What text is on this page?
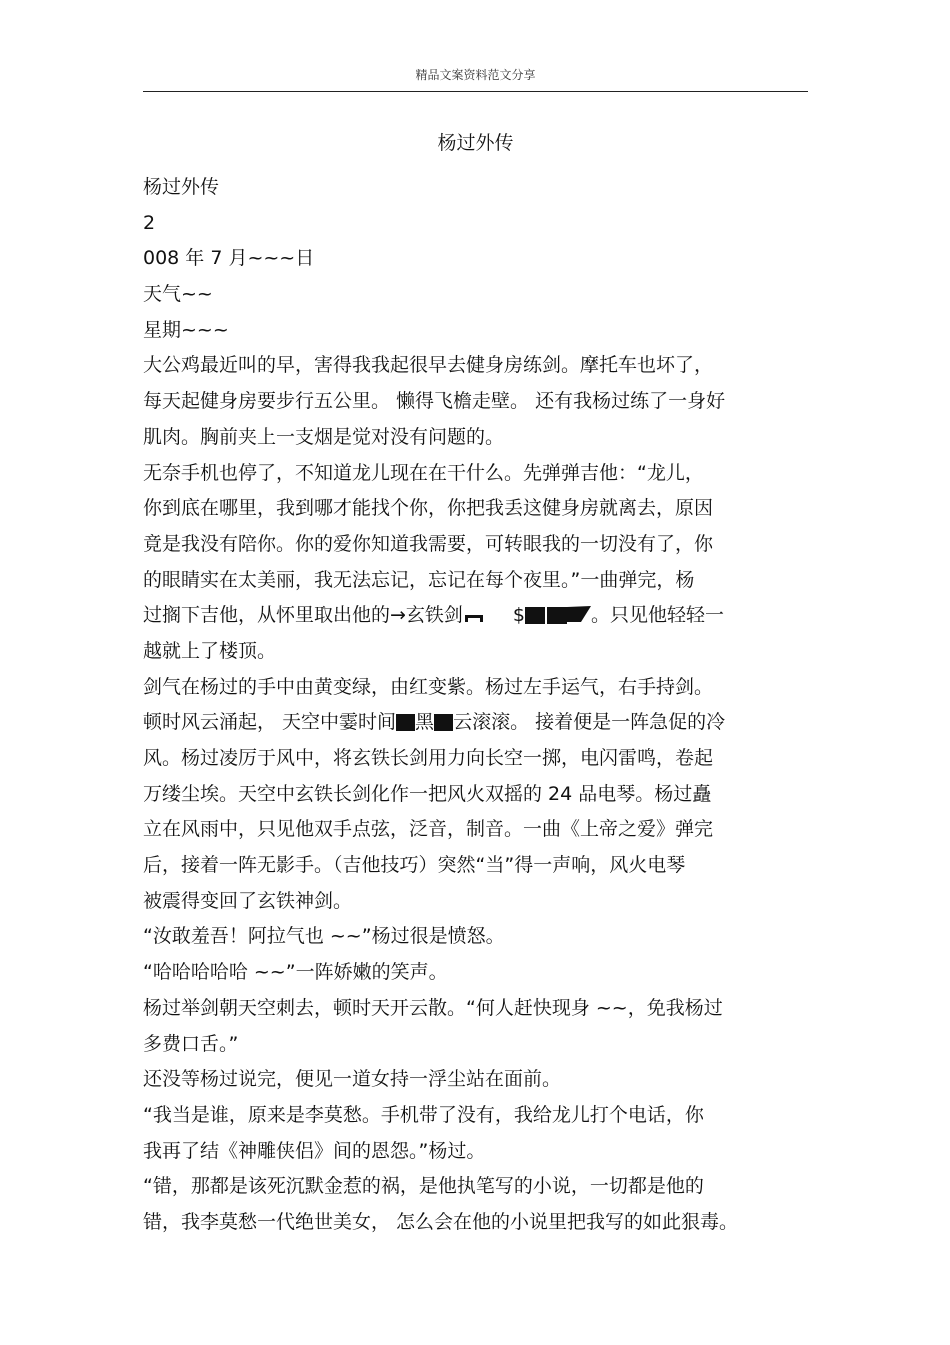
精品文案资料范文分享
杨过外传
杨过外传
2
008 年 7 月~~~日
天气~~
星期~~~
大公鸡最近叫的早，害得我我起很早去健身房练剑。摩托车也坏了，
每天起健身房要步行五公里。 懒得飞檐走壁。 还有我杨过练了一身好
肌肉。胸前夹上一支烟是觉对没有问题的。
无奈手机也停了，不知道龙儿现在在干什么。先弹弹吉他：“龙儿，
你到底在哪里，我到哪才能找个你，你把我丢这健身房就离去，原因
竟是我没有陪你。你的爱你知道我需要，可转眼我的一切没有了，你
的眼睛实在太美丽，我无法忘记，忘记在每个夜里。”一曲弹完，杨
过搁下吉他，从怀里取出他的→玄铁剑	$	。只见他轻轻一
越就上了楼顶。
剑气在杨过的手中由黄变绿，由红变紫。杨过左手运气，右手持剑。
顿时风云涌起， 天空中霎时间 黑 云滚滚。 接着便是一阵急促的冷
风。杨过凌厉于风中，将玄铁长剑用力向长空一掷，电闪雷鸣，卷起
万缕尘埃。天空中玄铁长剑化作一把风火双摇的 24 品电琴。杨过矗
立在风雨中，只见他双手点弦，泛音，制音。一曲《上帝之爱》弹完
后，接着一阵无影手。（吉他技巧）突然“当”得一声响，风火电琴
被震得变回了玄铁神剑。
“汝敢羞吾！阿拉气也 ~~”杨过很是愤怒。
“哈哈哈哈哈 ~~”一阵娇嫩的笑声。
杨过举剑朝天空刺去，顿时天开云散。“何人赶快现身 ~~，免我杨过
多费口舌。”
还没等杨过说完，便见一道女持一浮尘站在面前。
“我当是谁，原来是李莫愁。手机带了没有，我给龙儿打个电话，你
我再了结《神雕侠侣》间的恩怨。”杨过。
“错，那都是该死沉默金惹的祸，是他执笔写的小说，一切都是他的
错，我李莫愁一代绝世美女， 怎么会在他的小说里把我写的如此狠毒。
